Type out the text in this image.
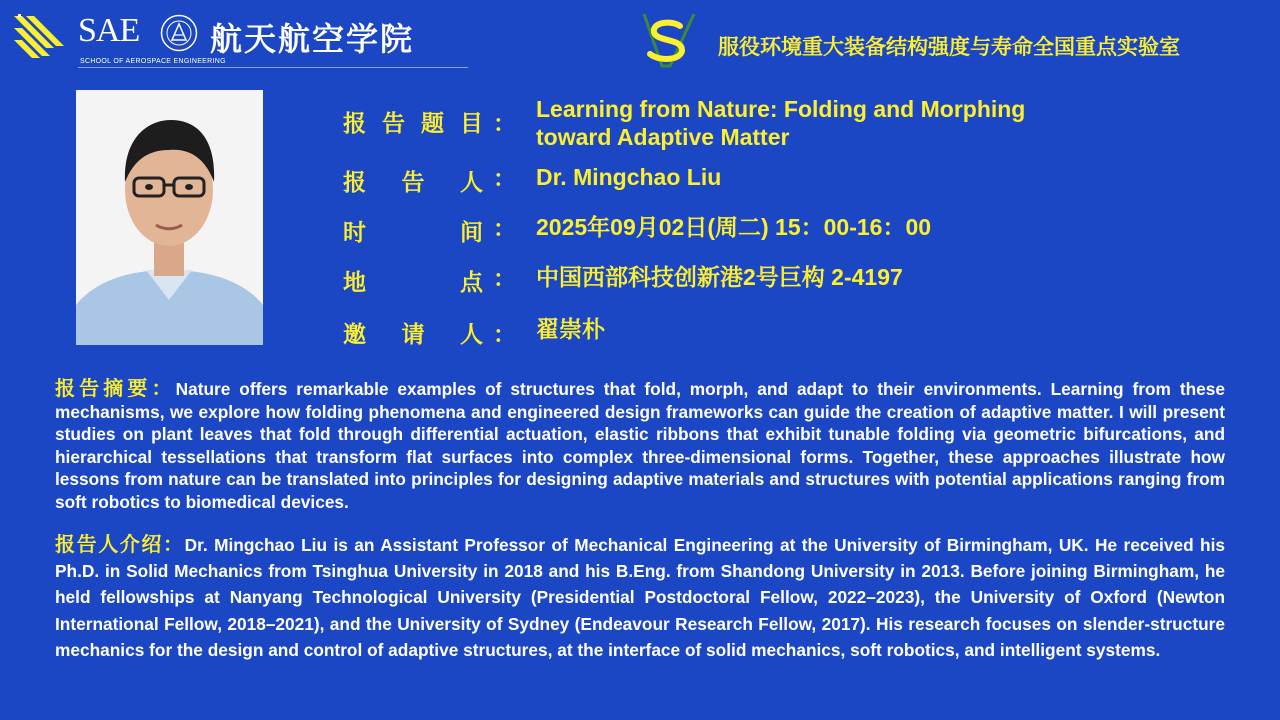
SAE 航天航空学院
SCHOOL OF AEROSPACE ENGINEERING
服役环境重大装备结构强度与寿命全国重点实验室
报 告 题 目 ：
Learning from Nature: Folding and Morphing
toward Adaptive Matter
报 告 人 ： Dr. Mingchao Liu
时	间 ： 2025年09月02日(周二) 15：00-16：00
地	点 ： 中国西部科技创新港2号巨构 2-4197
邀 请 人 ： 翟崇朴
报告摘要：Nature offers remarkable examples of structures that fold, morph, and adapt to their environments. Learning from these mechanisms, we explore how folding phenomena and engineered design frameworks can guide the creation of adaptive matter. I will present studies on plant leaves that fold through differential actuation, elastic ribbons that exhibit tunable folding via geometric bifurcations, and hierarchical tessellations that transform flat surfaces into complex three-dimensional forms. Together, these approaches illustrate how lessons from nature can be translated into principles for designing adaptive materials and structures with potential applications ranging from soft robotics to biomedical devices.
报告人介绍：Dr. Mingchao Liu is an Assistant Professor of Mechanical Engineering at the University of Birmingham, UK. He received his Ph.D. in Solid Mechanics from Tsinghua University in 2018 and his B.Eng. from Shandong University in 2013. Before joining Birmingham, he held fellowships at Nanyang Technological University (Presidential Postdoctoral Fellow, 2022–2023), the University of Oxford (Newton International Fellow, 2018–2021), and the University of Sydney (Endeavour Research Fellow, 2017). His research focuses on slender-structure mechanics for the design and control of adaptive structures, at the interface of solid mechanics, soft robotics, and intelligent systems.
